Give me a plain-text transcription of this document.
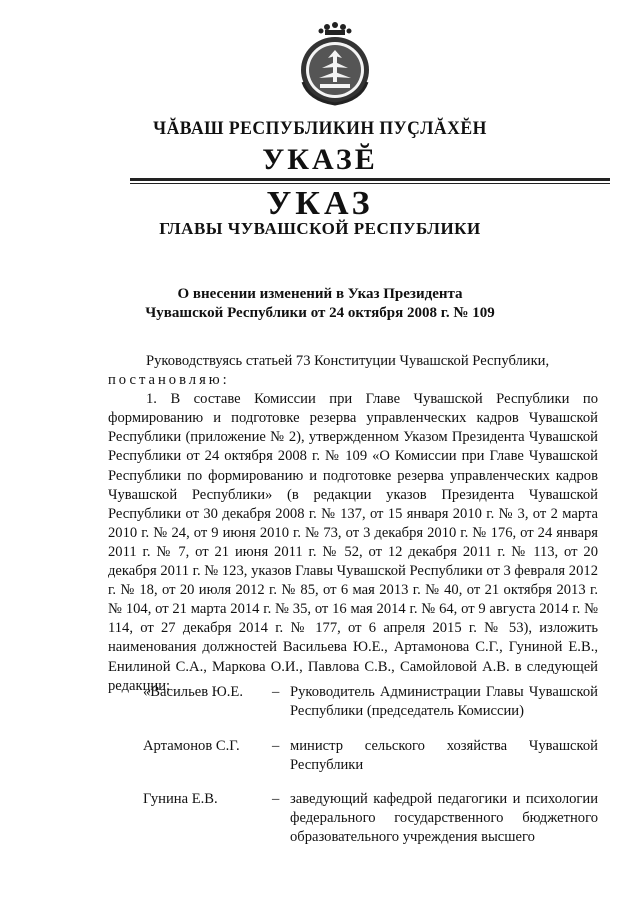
ЧĂВАШ РЕСПУБЛИКИН ПУҪЛĂХĔН
УКАЗĔ
УКАЗ
ГЛАВЫ ЧУВАШСКОЙ РЕСПУБЛИКИ
О внесении изменений в Указ Президента
Чувашской Республики от 24 октября 2008 г. № 109

Руководствуясь статьей 73 Конституции Чувашской Республики,

постановляю:

1. В составе Комиссии при Главе Чувашской Республики по формированию и подготовке резерва управленческих кадров Чувашской Республики (приложение № 2), утвержденном Указом Президента Чувашской Республики от 24 октября 2008 г. № 109 «О Комиссии при Главе Чувашской Республики по формированию и подготовке резерва управленческих кадров Чувашской Республики» (в редакции указов Президента Чувашской Республики от 30 декабря 2008 г. № 137, от 15 января 2010 г. № 3, от 2 марта 2010 г. № 24, от 9 июня 2010 г. № 73, от 3 декабря 2010 г. № 176, от 24 января 2011 г. № 7, от 21 июня 2011 г. № 52, от 12 декабря 2011 г. № 113, от 20 декабря 2011 г. № 123, указов Главы Чувашской Республики от 3 февраля 2012 г. № 18, от 20 июля 2012 г. № 85, от 6 мая 2013 г. № 40, от 21 октября 2013 г. № 104, от 21 марта 2014 г. № 35, от 16 мая 2014 г. № 64, от 9 августа 2014 г. № 114, от 27 декабря 2014 г. № 177, от 6 апреля 2015 г. № 53), изложить наименования должностей Васильева Ю.Е., Артамонова С.Г., Гуниной Е.В., Енилиной С.А., Маркова О.И., Павлова С.В., Самойловой А.В. в следующей редакции:

«Васильев Ю.Е.	– Руководитель Администрации Главы Чувашской Республики (председатель Комиссии)
Артамонов С.Г.	– министр сельского хозяйства Чувашской Республики
Гунина Е.В.	– заведующий кафедрой педагогики и психологии федерального государственного бюджетного образовательного учреждения высшего
